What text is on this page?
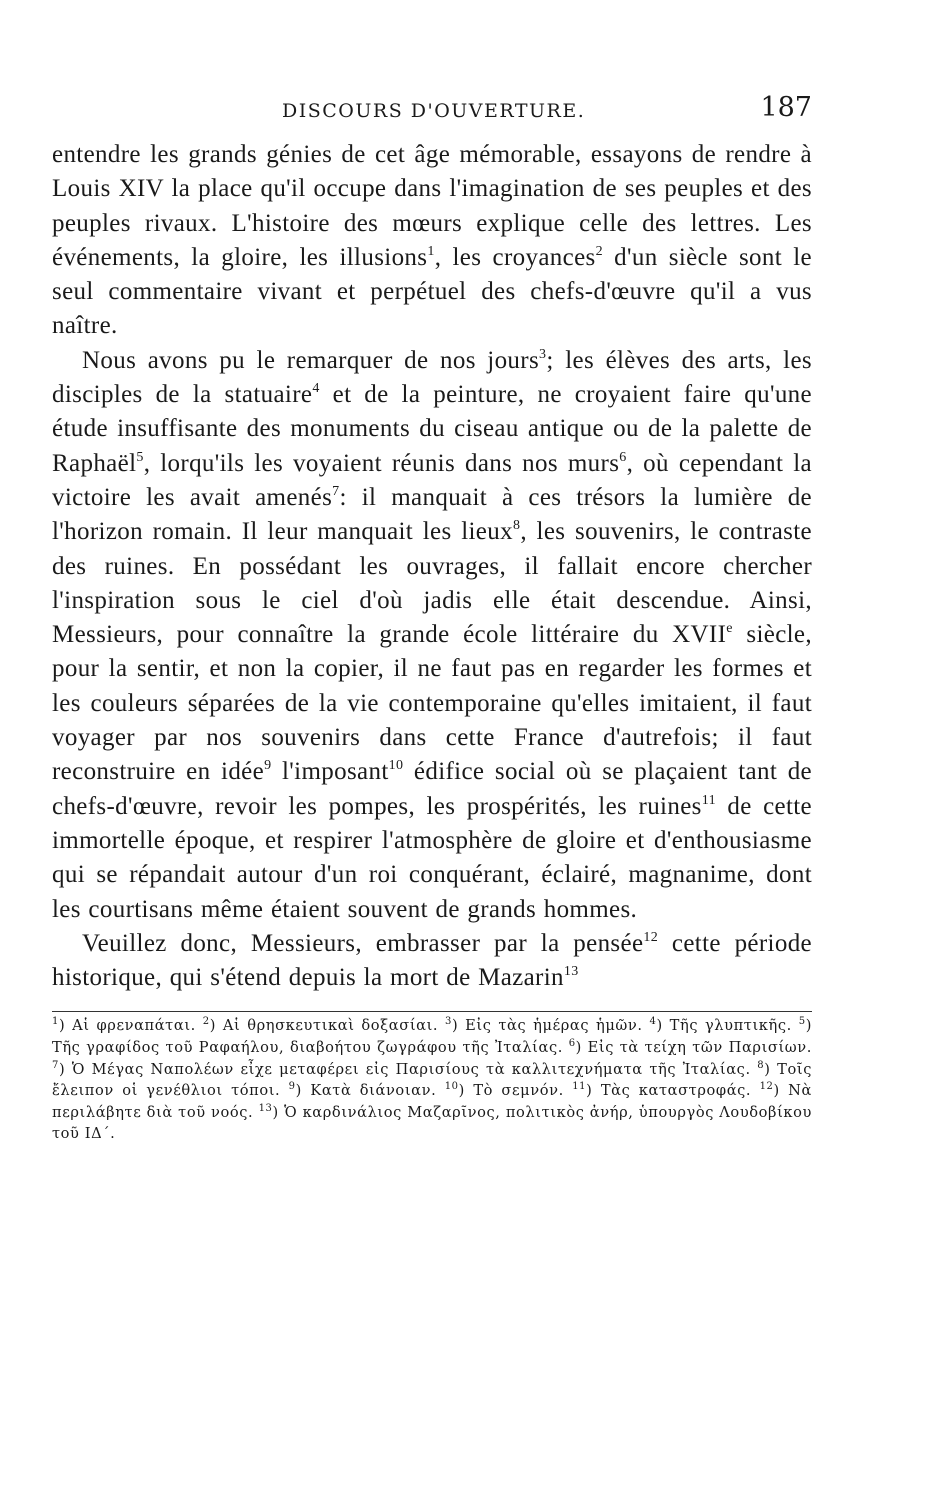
DISCOURS D'OUVERTURE.	187

entendre les grands génies de cet âge mémorable, essayons de rendre à Louis XIV la place qu'il occupe dans l'imagination de ses peuples et des peuples rivaux. L'histoire des mœurs explique celle des lettres. Les événements, la gloire, les illusions$^1$, les croyances$^2$ d'un siècle sont le seul commentaire vivant et perpétuel des chefs-d'œuvre qu'il a vus naître.

Nous avons pu le remarquer de nos jours$^3$; les élèves des arts, les disciples de la statuaire$^4$ et de la peinture, ne croyaient faire qu'une étude insuffisante des monuments du ciseau antique ou de la palette de Raphaël$^5$, lorqu'ils les voyaient réunis dans nos murs$^6$, où cependant la victoire les avait amenés$^7$: il manquait à ces trésors la lumière de l'horizon romain. Il leur manquait les lieux$^8$, les souvenirs, le contraste des ruines. En possédant les ouvrages, il fallait encore chercher l'inspiration sous le ciel d'où jadis elle était descendue. Ainsi, Messieurs, pour connaître la grande école littéraire du XVIIe siècle, pour la sentir, et non la copier, il ne faut pas en regarder les formes et les couleurs séparées de la vie contemporaine qu'elles imitaient, il faut voyager par nos souvenirs dans cette France d'autrefois; il faut reconstruire en idée$^9$ l'imposant$^{10}$ édifice social où se plaçaient tant de chefs-d'œuvre, revoir les pompes, les prospérités, les ruines$^{11}$ de cette immortelle époque, et respirer l'atmosphère de gloire et d'enthousiasme qui se répandait autour d'un roi conquérant, éclairé, magnanime, dont les courtisans même étaient souvent de grands hommes.

Veuillez donc, Messieurs, embrasser par la pensée$^{12}$ cette période historique, qui s'étend depuis la mort de Mazarin$^{13}$

$^1$) Αἱ φρεναπάται. $^2$) Αἱ θρησκευτικαὶ δοξασίαι. $^3$) Εἰς τὰς ἡμέρας ἡμῶν. $^4$) Τῆς γλυπτικῆς. $^5$) Τῆς γραφίδος τοῦ Ραφαήλου, διαβοήτου ζωγράφου τῆς Ἰταλίας. $^6$) Εἰς τὰ τείχη τῶν Παρισίων. $^7$) Ὁ Μέγας Ναπολέων εἶχε μεταφέρει εἰς Παρισίους τὰ καλλιτεχνήματα τῆς Ἰταλίας. $^8$) Τοῖς ἔλειπον οἱ γενέθλιοι τόποι. $^9$) Κατὰ διάνοιαν. $^{10}$) Τὸ σεμνόν. $^{11}$) Τὰς καταστροφάς. $^{12}$) Νὰ περιλάβητε διὰ τοῦ νοός. $^{13}$) Ὁ καρδινάλιος Μαζαρῖνος, πολιτικὸς ἀνήρ, ὑπουργὸς Λουδοβίκου τοῦ ΙΔ΄.
